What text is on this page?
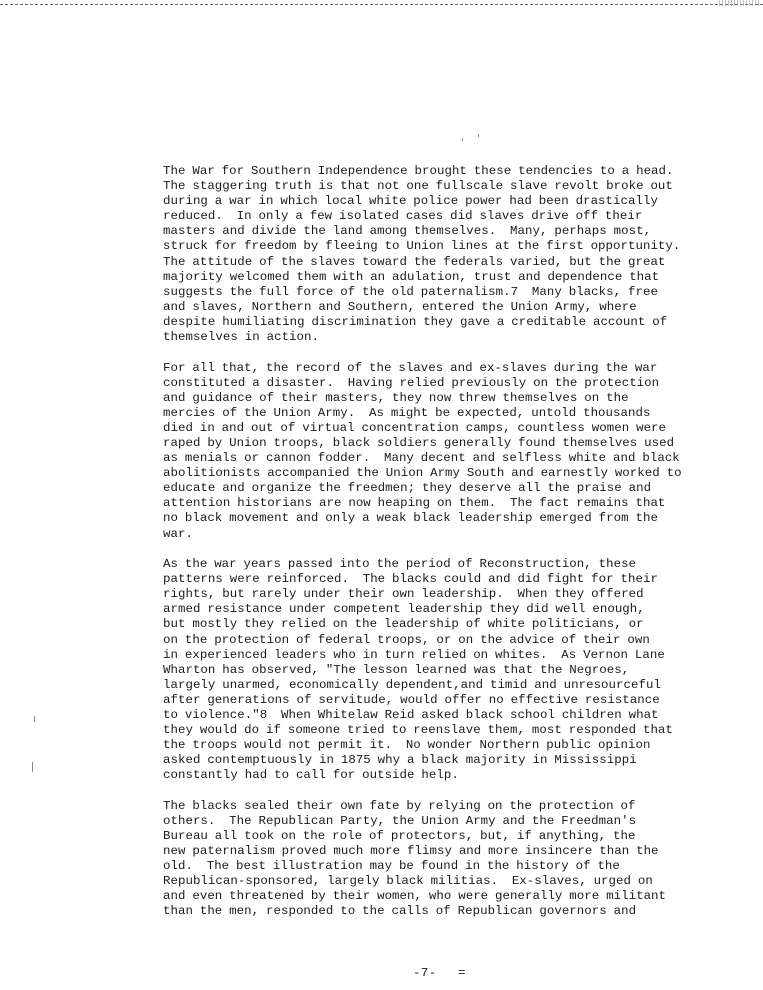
The War for Southern Independence brought these tendencies to a head.
The staggering truth is that not one fullscale slave revolt broke out
during a war in which local white police power had been drastically
reduced.  In only a few isolated cases did slaves drive off their
masters and divide the land among themselves.  Many, perhaps most,
struck for freedom by fleeing to Union lines at the first opportunity.
The attitude of the slaves toward the federals varied, but the great
majority welcomed them with an adulation, trust and dependence that
suggests the full force of the old paternalism.7  Many blacks, free
and slaves, Northern and Southern, entered the Union Army, where
despite humiliating discrimination they gave a creditable account of
themselves in action.

For all that, the record of the slaves and ex-slaves during the war
constituted a disaster.  Having relied previously on the protection
and guidance of their masters, they now threw themselves on the
mercies of the Union Army.  As might be expected, untold thousands
died in and out of virtual concentration camps, countless women were
raped by Union troops, black soldiers generally found themselves used
as menials or cannon fodder.  Many decent and selfless white and black
abolitionists accompanied the Union Army South and earnestly worked to
educate and organize the freedmen; they deserve all the praise and
attention historians are now heaping on them.  The fact remains that
no black movement and only a weak black leadership emerged from the
war.

As the war years passed into the period of Reconstruction, these
patterns were reinforced.  The blacks could and did fight for their
rights, but rarely under their own leadership.  When they offered
armed resistance under competent leadership they did well enough,
but mostly they relied on the leadership of white politicians, or
on the protection of federal troops, or on the advice of their own
in experienced leaders who in turn relied on whites.  As Vernon Lane
Wharton has observed, "The lesson learned was that the Negroes,
largely unarmed, economically dependent,and timid and unresourceful
after generations of servitude, would offer no effective resistance
to violence."8  When Whitelaw Reid asked black school children what
they would do if someone tried to reenslave them, most responded that
the troops would not permit it.  No wonder Northern public opinion
asked contemptuously in 1875 why a black majority in Mississippi
constantly had to call for outside help.

The blacks sealed their own fate by relying on the protection of
others.  The Republican Party, the Union Army and the Freedman's
Bureau all took on the role of protectors, but, if anything, the
new paternalism proved much more flimsy and more insincere than the
old.  The best illustration may be found in the history of the
Republican-sponsored, largely black militias.  Ex-slaves, urged on
and even threatened by their women, who were generally more militant
than the men, responded to the calls of Republican governors and

-7- =
